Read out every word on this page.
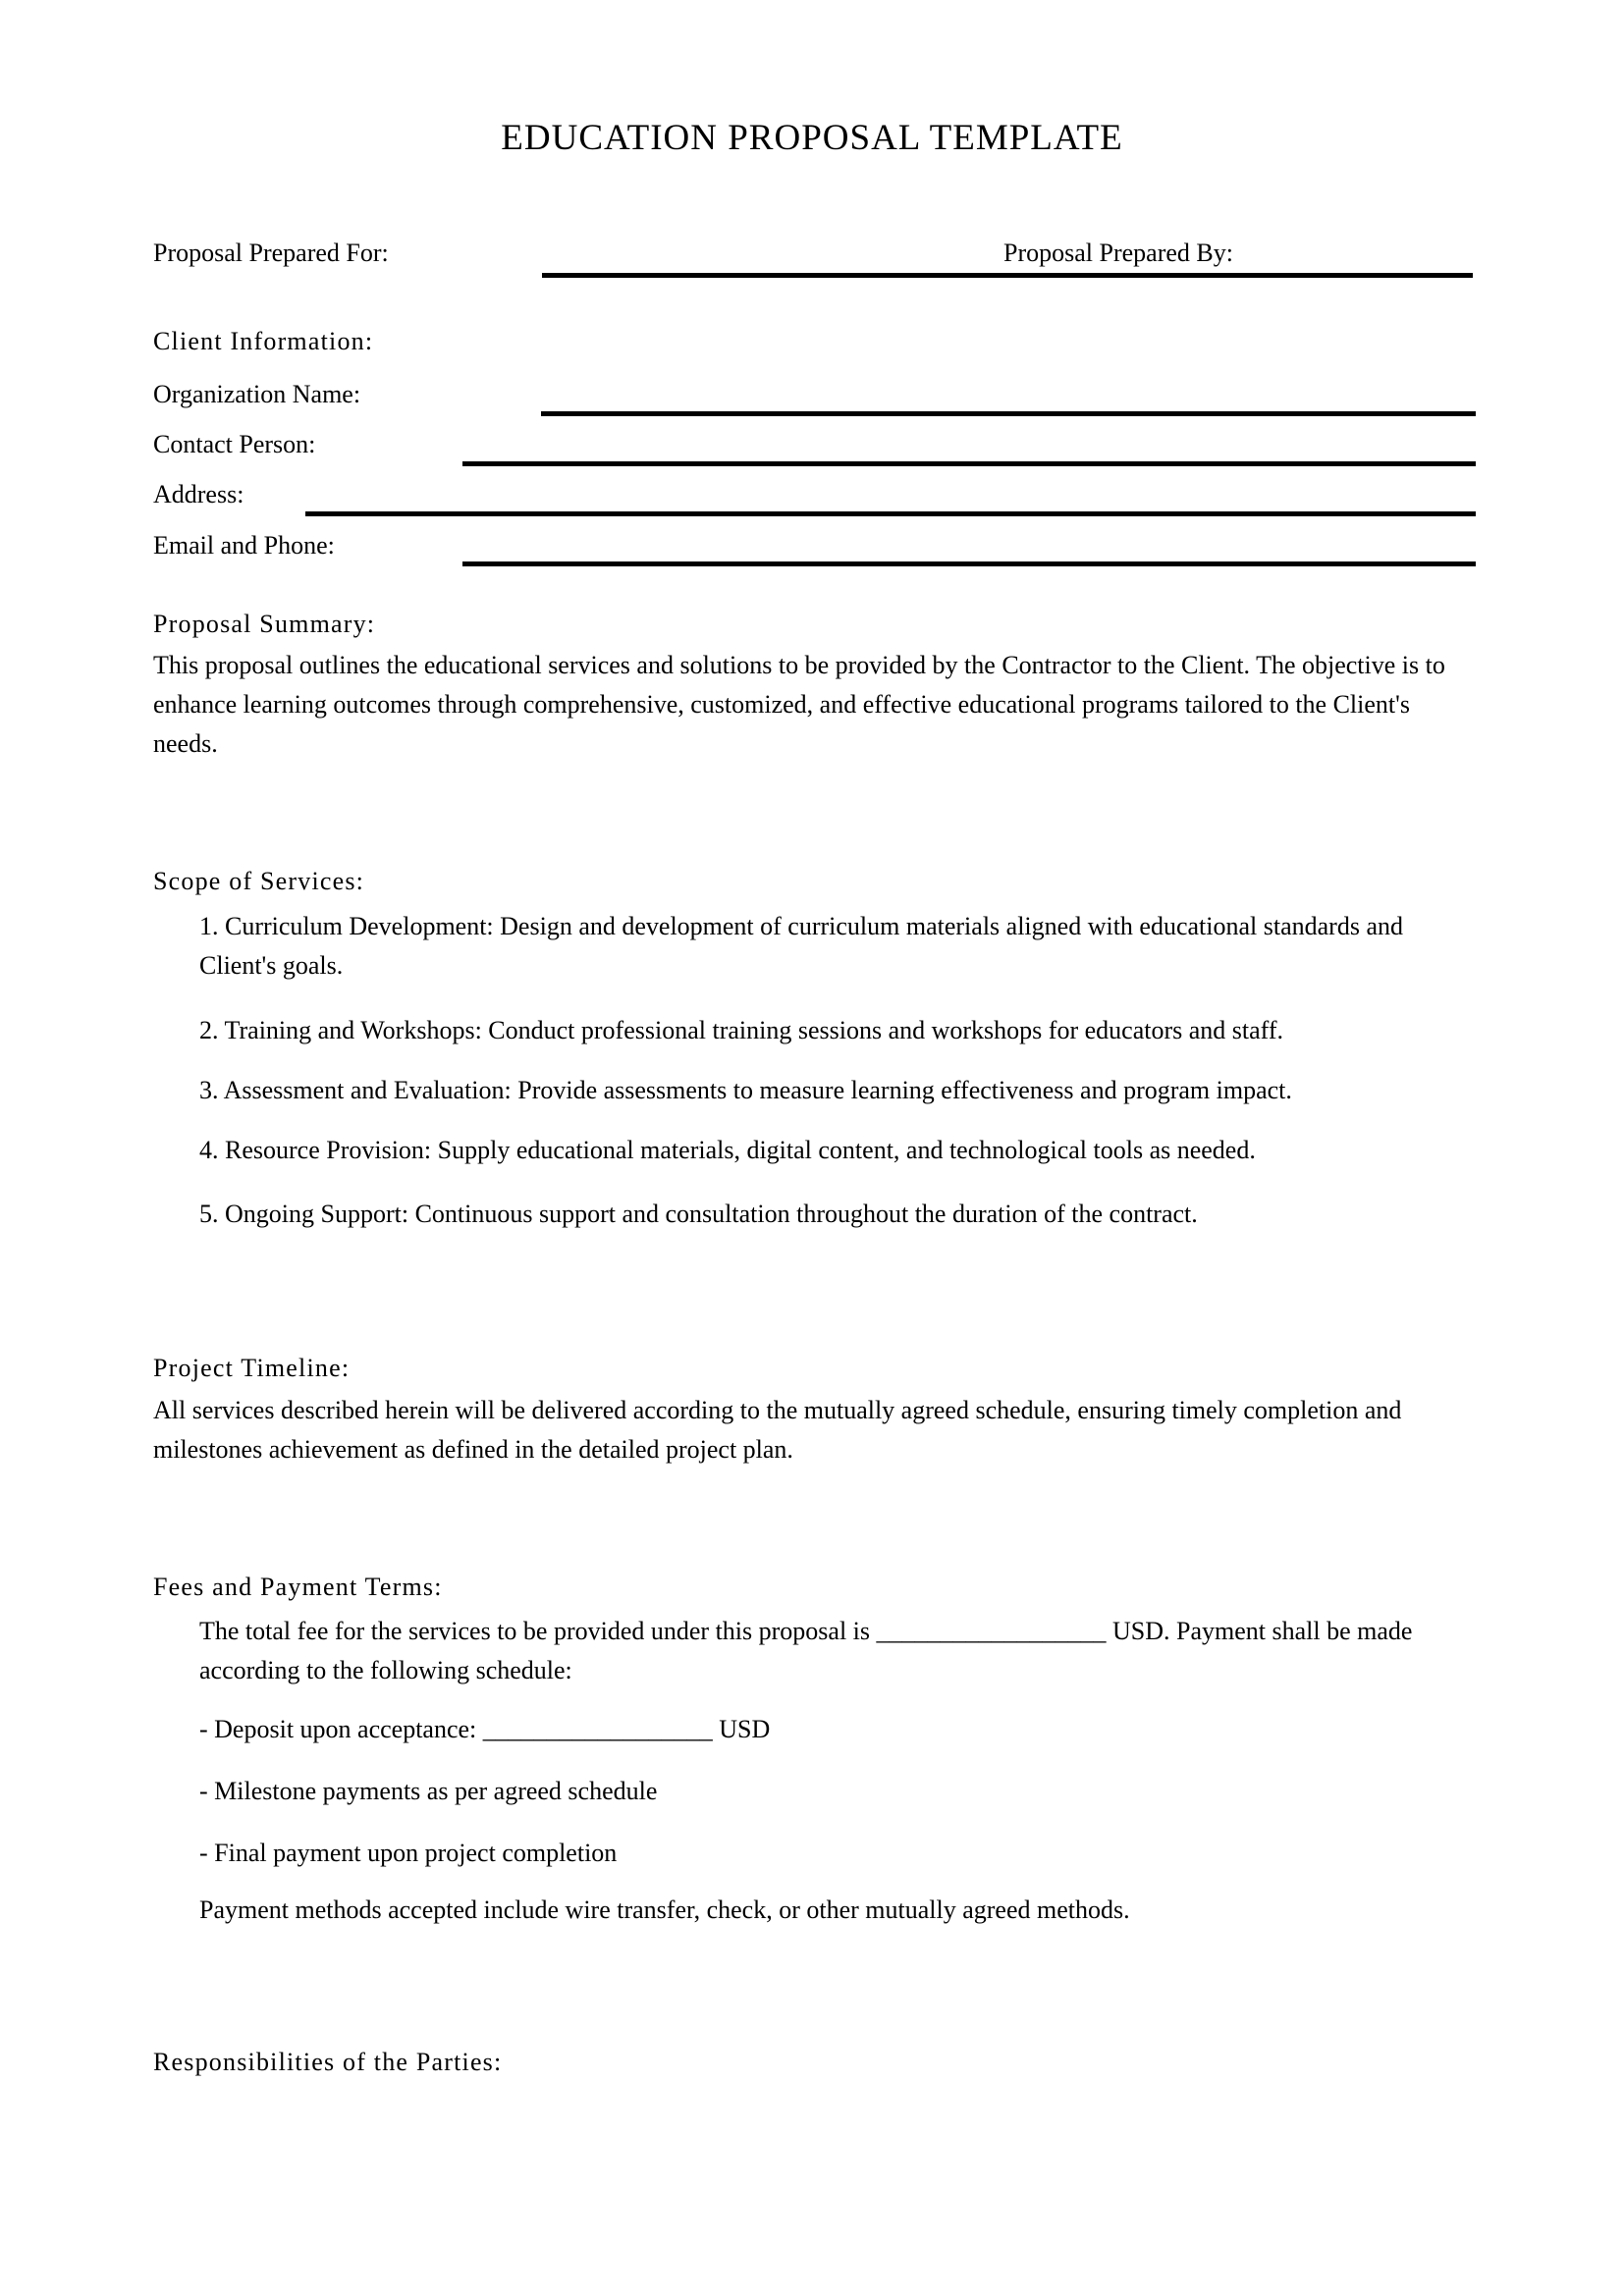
EDUCATION PROPOSAL TEMPLATE
Proposal Prepared For:	Proposal Prepared By:
Client Information:
Organization Name:
Contact Person:
Address:
Email and Phone:
Proposal Summary:
This proposal outlines the educational services and solutions to be provided by the Contractor to the Client. The objective is to enhance learning outcomes through comprehensive, customized, and effective educational programs tailored to the Client's needs.
Scope of Services:
1. Curriculum Development: Design and development of curriculum materials aligned with educational standards and Client's goals.
2. Training and Workshops: Conduct professional training sessions and workshops for educators and staff.
3. Assessment and Evaluation: Provide assessments to measure learning effectiveness and program impact.
4. Resource Provision: Supply educational materials, digital content, and technological tools as needed.
5. Ongoing Support: Continuous support and consultation throughout the duration of the contract.
Project Timeline:
All services described herein will be delivered according to the mutually agreed schedule, ensuring timely completion and milestones achievement as defined in the detailed project plan.
Fees and Payment Terms:
The total fee for the services to be provided under this proposal is __________________ USD. Payment shall be made according to the following schedule:
- Deposit upon acceptance: __________________ USD
- Milestone payments as per agreed schedule
- Final payment upon project completion
Payment methods accepted include wire transfer, check, or other mutually agreed methods.
Responsibilities of the Parties:
